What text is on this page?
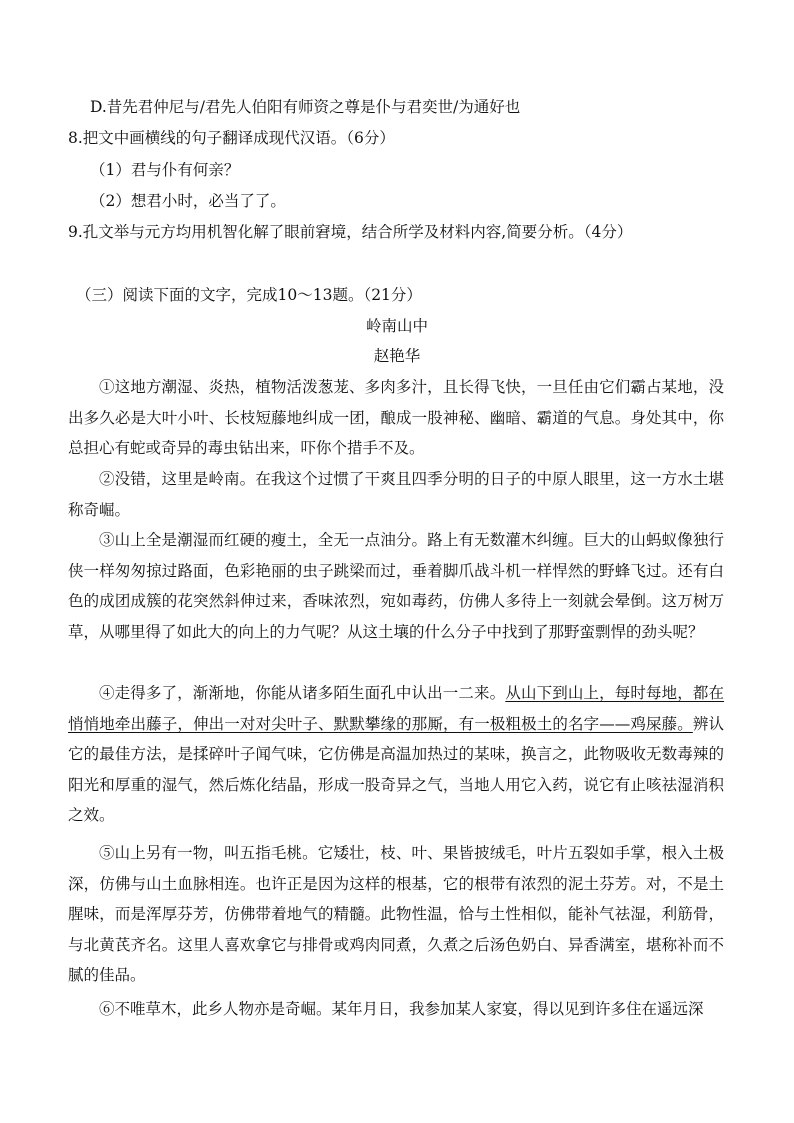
D.昔先君仲尼与/君先人伯阳有师资之尊是仆与君奕世/为通好也
8.把文中画横线的句子翻译成现代汉语。（6分）
（1）君与仆有何亲？
（2）想君小时，必当了了。
9.孔文举与元方均用机智化解了眼前窘境，结合所学及材料内容,简要分析。（4分）
（三）阅读下面的文字，完成10～13题。（21分）
岭南山中
赵艳华
①这地方潮湿、炎热，植物活泼葱茏、多肉多汁，且长得飞快，一旦任由它们霸占某地，没出多久必是大叶小叶、长枝短藤地纠成一团，酿成一股神秘、幽暗、霸道的气息。身处其中，你总担心有蛇或奇异的毒虫钻出来，吓你个措手不及。
②没错，这里是岭南。在我这个过惯了干爽且四季分明的日子的中原人眼里，这一方水土堪称奇崛。
③山上全是潮湿而红硬的瘦土，全无一点油分。路上有无数灌木纠缠。巨大的山蚂蚁像独行侠一样匆匆掠过路面，色彩艳丽的虫子跳梁而过，垂着脚爪战斗机一样悍然的野蜂飞过。还有白色的成团成簇的花突然斜伸过来，香味浓烈，宛如毒药，仿佛人多待上一刻就会晕倒。这万树万草，从哪里得了如此大的向上的力气呢？从这土壤的什么分子中找到了那野蛮剽悍的劲头呢？
④走得多了，渐渐地，你能从诸多陌生面孔中认出一二来。从山下到山上，每时每地，都在悄悄地牵出藤子，伸出一对对尖叶子、默默攀缘的那厮，有一极粗极土的名字——鸡屎藤。辨认它的最佳方法，是揉碎叶子闻气味，它仿佛是高温加热过的某味，换言之，此物吸收无数毒辣的阳光和厚重的湿气，然后炼化结晶，形成一股奇异之气，当地人用它入药，说它有止咳祛湿消积之效。
⑤山上另有一物，叫五指毛桃。它矮壮，枝、叶、果皆披绒毛，叶片五裂如手掌，根入土极深，仿佛与山土血脉相连。也许正是因为这样的根基，它的根带有浓烈的泥土芬芳。对，不是土腥味，而是浑厚芬芳，仿佛带着地气的精髓。此物性温，恰与土性相似，能补气祛湿，利筋骨，与北黄芪齐名。这里人喜欢拿它与排骨或鸡肉同煮，久煮之后汤色奶白、异香满室，堪称补而不腻的佳品。
⑥不唯草木，此乡人物亦是奇崛。某年月日，我参加某人家宴，得以见到许多住在遥远深
